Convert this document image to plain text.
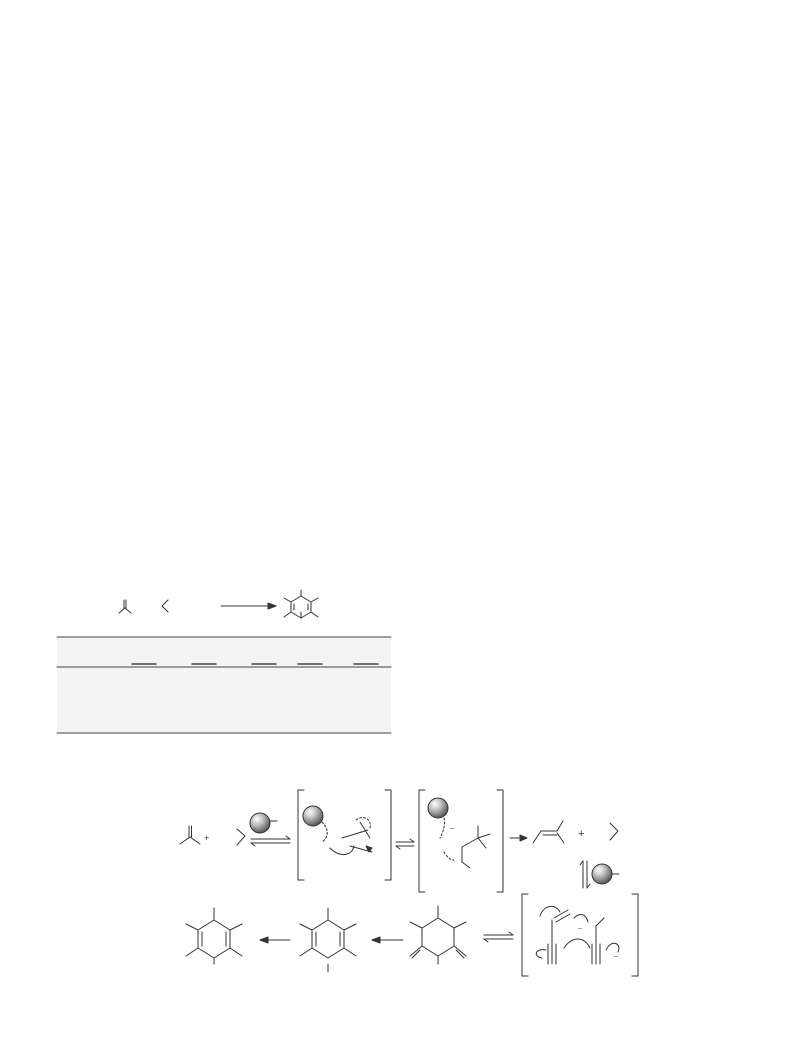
+
–	+
–
–
